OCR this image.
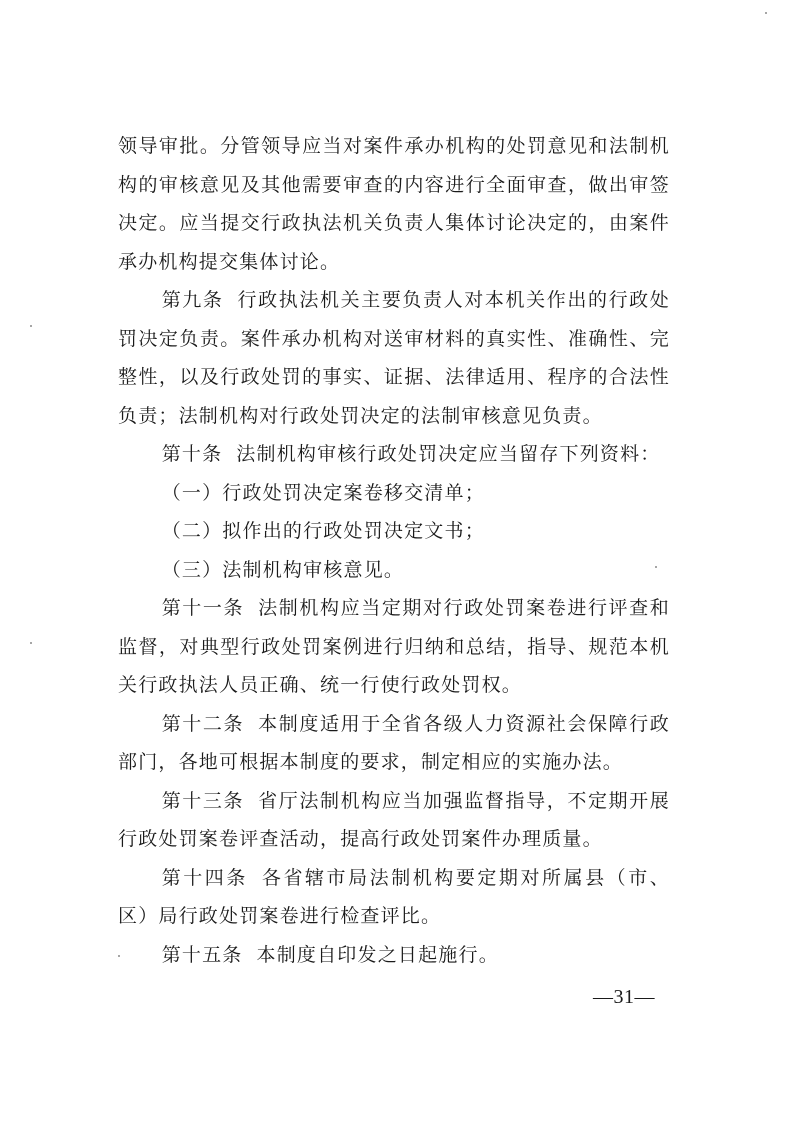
领导审批。分管领导应当对案件承办机构的处罚意见和法制机构的审核意见及其他需要审查的内容进行全面审查，做出审签决定。应当提交行政执法机关负责人集体讨论决定的，由案件承办机构提交集体讨论。

第九条 行政执法机关主要负责人对本机关作出的行政处罚决定负责。案件承办机构对送审材料的真实性、准确性、完整性，以及行政处罚的事实、证据、法律适用、程序的合法性负责；法制机构对行政处罚决定的法制审核意见负责。

第十条 法制机构审核行政处罚决定应当留存下列资料：

（一）行政处罚决定案卷移交清单；

（二）拟作出的行政处罚决定文书；

（三）法制机构审核意见。

第十一条 法制机构应当定期对行政处罚案卷进行评查和监督，对典型行政处罚案例进行归纳和总结，指导、规范本机关行政执法人员正确、统一行使行政处罚权。

第十二条 本制度适用于全省各级人力资源社会保障行政部门，各地可根据本制度的要求，制定相应的实施办法。

第十三条 省厅法制机构应当加强监督指导，不定期开展行政处罚案卷评查活动，提高行政处罚案件办理质量。

第十四条 各省辖市局法制机构要定期对所属县（市、区）局行政处罚案卷进行检查评比。

第十五条 本制度自印发之日起施行。

—31—
